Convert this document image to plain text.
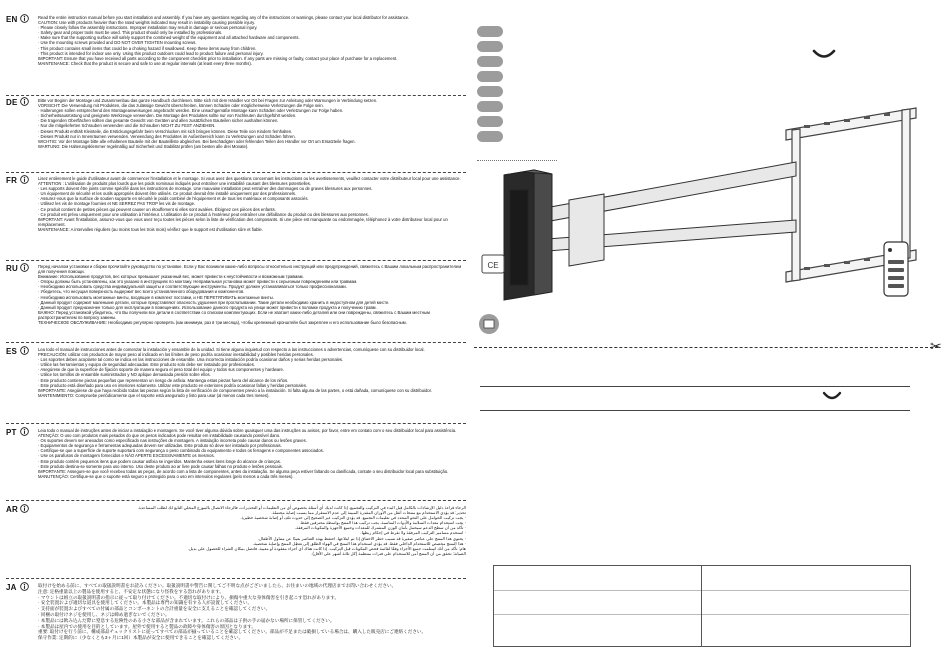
EN	Read the entire instruction manual before you start installation and assembly. If you have any questions regarding any of the instructions or warnings, please contact your local distributor for assistance.
CAUTION: Use with products heavier than the rated weights indicated may result in instability causing possible injury.
· Please closely follow the assembly instructions. Improper installation may result in damage or serious personal injury.
· Safety gear and proper tools must be used. This product should only be installed by professionals.
· Make sure that the supporting surface will safely support the combined weight of the equipment and all attached hardware and components.
· Use the mounting screws provided and DO NOT OVER TIGHTEN mounting screws.
· This product contains small items that could be a choking hazard if swallowed. Keep these items away from children.
· This product is intended for indoor use only. Using this product outdoors could lead to product failure and personal injury.
IMPORTANT: Ensure that you have received all parts according to the component checklist prior to installation. If any parts are missing or faulty, contact your place of purchase for a replacement.
MAINTENANCE: Check that the product is secure and safe to use at regular intervals (at least every three months).
DE	Bitte vor Beginn der Montage und Zusammenbau das ganze Handbuch durchlesen. Bitte sich mit dem Händler vor Ort bei Fragen zur Anleitung oder Warnungen in Verbindung setzen.
VORSICHT: Die Verwendung mit Produkten, die das zulässige Gewicht überschreiten, können Schäden oder möglicherweise Verletzungen die Folge sein.
· Halterungen sollen entsprechend den Montageanweisungen angebracht werden. Eine unsachgemäße Montage kann Schäden oder Verletzungen zur Folge haben.
· Sicherheitsausrüstung und geeignete Werkzeuge verwenden. Die Montage des Produktes sollte nur von Fachleuten durchgeführt werden.
· Die tragenden Oberflächen sollten das gesamte Gewicht von Geräten und allen zusätzlichen Bauteilen sicher aushalten können.
· Nur die mitgelieferten Schrauben verwenden und die Schrauben NICHT ZU FEST ANZIEHEN.
· Dieses Produkt enthält Kleinteile, die Erstickungsgefahr beim Verschlucken mit sich bringen können. Diese Teile von Kindern fernhalten.
· Dieses Produkt nur in Innenräumen verwenden. Verwendung des Produktes im Außenbereich kann zu Verletzungen und Schäden führen.
WICHTIG: Vor der Montage bitte alle erhaltenen Bauteile mit der Bauteilliste abgleichen. Bei beschädigten oder fehlenden Teilen den Händler vor Ort um Ersatzteile fragen.
WARTUNG: Die Halterungsklemmer regelmäßig auf Sicherheit und Stabilität prüfen (am besten alle drei Monate).
FR	Lisez entièrement le guide d'utilisateur avant de commencer l'installation et le montage. Si vous avez des questions concernant les instructions ou les avertissements, veuillez contacter votre distributeur local pour une assistance.
ATTENTION : L'utilisation de produits plus lourds que les poids nominaux indiqués peut entraîner une instabilité causant des blessures potentielles.
· Les supports doivent être joints comme spécifié dans les instructions de montage. Une mauvaise installation peut entraîner des dommages ou de graves blessures aux personnes.
· Un équipement de sécurité et les outils appropriés doivent être utilisés. Ce produit devrait être installé uniquement par des professionnels.
· Assurez-vous que la surface de soutien supporte en sécurité le poids combiné de l'équipement et de tous les matériaux et composants associés.
· Utilisez les vis de montage fournies et NE SERREZ PAS TROP les vis de montage.
· Ce produit contient de petites pièces qui peuvent causer un étouffement si elles sont avalées. Éloignez ces pièces des enfants.
· Ce produit est prévu uniquement pour une utilisation à l'intérieur. L'utilisation de ce produit à l'extérieur peut entraîner une défaillance du produit ou des blessures aux personnes.
IMPORTANT: Avant l'installation, assurez-vous que vous avez reçu toutes les pièces selon la liste de vérification des composants. Si une pièce est manquante ou endommagée, téléphonez à votre distributeur local pour un remplacement.
MAINTENANCE: A intervalles réguliers (au moins tous les trois mois) vérifiez que le support est d'utilisation sûre et fiable.
RU	Перед началом установки и сборки прочитайте руководство по установке. Если у Вас возникли какие-либо вопросы относительно инструкций или предупреждений, свяжитесь с Вашим локальным распространителем для получения помощи.
Внимание: Использование продуктов, вес которых превышает указанный вес, может привести к неустойчивости и возможным травмам.
· Опоры должны быть установлены, как это указано в инструкциях по монтажу. Неправильная установка может привести к серьезным повреждениям или травмам.
· Необходимо использовать средства индивидуальной защиты и соответствующие инструменты. Продукт должен устанавливаться только профессионалами.
· Убедитесь, что несущая поверхность выдержит вес всего установленного оборудования и компонентов.
· Необходимо использовать монтажные винты, входящие в комплект поставки, и НЕ ПЕРЕТЯГИВАТЬ монтажные винты.
· Данный продукт содержит маленькие детали, которые представляют опасность удушения при проглатывании. Такие детали необходимо хранить в недоступном для детей месте.
· Данный продукт предназначен только для эксплуатации в помещениях. Использование данного продукта на улице может привести к поломке продукта и получению травм.
ВАЖНО: Перед установкой убедитесь, что Вы получили все детали в соответствии со списком комплектующих. Если не хватает каких-либо деталей или они повреждены, свяжитесь с Вашим местным распространителем по вопросу замены.
ТЕХНИЧЕСКОЕ ОБСЛУЖИВАНИЕ: Необходимо регулярно проверять (как минимум, раз в три месяца), чтобы крепежный кронштейн был закреплен и его использование было безопасным.
ES	Lea todo el manual de instrucciones antes de comenzar la instalación y ensamble de la unidad. Si tiene alguna inquietud con respecto a las instrucciones o advertencias, comuníquese con su distribuidor local.
PRECAUCIÓN: utilizar con productos de mayor peso al indicado en los límites de peso podría ocasionar inestabilidad y posibles heridas personales.
· Los soportes deben acoplarse tal como se indica en las instrucciones de ensamble. Una incorrecta instalación podría ocasionar daños y serias heridas personales.
· Utilice las herramientas y equipo de seguridad adecuadas. Este producto solo debe ser instalado por profesionales.
· Asegúrese de que la superficie de fijación soporte de manera segura el peso total del equipo y todos sus componentes y hardware.
· Utilice los tornillos de ensamble suministrados y NO aplique demasiada presión sobre ellos.
· Este producto contiene piezas pequeñas que representan un riesgo de asfixia. Mantenga estas piezas fuera del alcance de los niños.
· Este producto está diseñado para uso en interiores solamente. Utilizar este producto en exteriores podría ocasionar fallas y heridas personales.
IMPORTANTE: Asegúrese de que haya recibido todas las piezas según la lista de verificación de componentes previo a la instalación. Si falta alguna de las partes, o está dañada, comuníquese con su distribuidor.
MANTENIMIENTO: Compruebe periódicamente que el soporte está asegurado y listo para usar (al menos cada tres meses).
PT	Leia todo o manual de instruções antes de iniciar a instalação e montagem. Se você tiver alguma dúvida sobre quaisquer uma das instruções ou avisos, por favor, entre em contato com o seu distribuidor local para assistência.
ATENÇÃO: O uso com produtos mais pesados do que os pesos indicados pode resultar em instabilidade causando possível dano.
· Os suportes devem ser anexados como especificado nas instruções de montagem. A instalação incorreta pode causar danos ou lesões graves.
· Equipamentos de segurança e ferramentas adequadas devem ser utilizadas. Este produto só deve ser instalado por profissionais.
· Certifique-se que a superfície de suporte suportará com segurança o peso combinado do equipamento e todos os ferragens e componentes associados.
· Use os parafusos de montagem fornecidos e NÃO APERTE EXCESSIVAMENTE os mesmos.
· Este produto contém pequenos itens que podem causar asfixia se ingeridos. Mantenha esses itens longe do alcance de crianças.
· Este produto destina-se somente para uso interno. Uso deste produto ao ar livre pode causar falhas no produto e lesões pessoais.
IMPORTANTE: Assegure-se que você recebeu todas as peças, de acordo com a lista de componentes, antes da instalação. Se alguma peça estiver faltando ou danificada, contate o seu distribuidor local para substituição.
MANUTENÇÃO: Certifique-se que o suporte está seguro e protegido para o uso em intervalos regulares (pelo menos a cada três meses).
AR	الرجاء قراءة دليل الإرشادات بالكامل قبل البدء في التركيب والتجميع. إذا كانت لديك أي أسئلة بخصوص أي من التعليمات أو التحذيرات، فالرجاء الاتصال بالموزع المحلي التابع لك لطلب المساعدة.
تحذير: قد يؤدي الاستخدام مع منتجات أثقل من الأوزان المقدرة المبينة إلى عدم الاستقرار مما يسبب إصابة محتملة.
· يجب تركيب الحوامل على النحو المحدد في تعليمات التجميع. قد يؤدي التركيب غير الصحيح إلى حدوث تلف أو إصابة شخصية خطيرة.
· يجب استخدام معدات السلامة والأدوات المناسبة. يجب تركيب هذا المنتج بواسطة محترفين فقط.
· تأكد من أن سطح الدعم سيحمل بأمان الوزن المشترك للمعدات وجميع الأجهزة والمكونات المرفقة.
· استخدم مسامير التركيب المرفقة ولا تفرط في إحكام ربطها.
· يحتوي هذا المنتج على عناصر صغيرة قد تسبب خطر الاختناق إذا تم ابتلاعها. احتفظ بهذه العناصر بعيدًا عن متناول الأطفال.
· هذا المنتج مخصص للاستخدام الداخلي فقط. قد يؤدي استخدام هذا المنتج في الهواء الطلق إلى تعطل المنتج وإصابة شخصية.
هام: تأكد من أنك استلمت جميع الأجزاء وفقًا لقائمة فحص المكونات قبل التركيب. إذا كانت هناك أي أجزاء مفقودة أو معيبة، فاتصل بمكان الشراء للحصول على بديل.
الصيانة: تحقق من أن المنتج آمن للاستخدام على فترات منتظمة (كل ثلاثة أشهر على الأقل).
JA	取付けを始める前に、すべての取扱説明書をお読みください。取扱説明書や警告に関してご不明な点がございましたら、お住まいの地域の代理店までお問い合わせください。
注意: 定格重量以上の製品を使用すると、不安定な状態になり怪我をする恐れがあります。
· マウントは組立の取扱説明書の指示に従って取り付けてください。不適切な取付けにより、損傷や重大な身体傷害を引き起こす恐れがあります。
· 安全装置および適切な道具を使用してください。本製品は専門の知識を有する人が設置してください。
· 支持面が装置およびすべての付属の部品とコンポーネントの合計重量を安全に支えることを確認してください。
· 同梱の取付けネジを使用し、ネジは締め過ぎないでください。
· 本製品には飲み込んだ際に窒息する危険性のある小さな部品が含まれています。これらの部品は子供の手の届かない場所に保管してください。
· 本製品は屋内での使用を目的としています。屋外で使用すると製品の故障や身体傷害の原因となります。
重要: 取付けを行う前に、構成部品チェックリストに従ってすべての部品が揃っていることを確認してください。部品が不足または破損している場合は、購入した販売店にご連絡ください。
保守作業: 定期的に（少なくとも3ヶ月に1回）本製品が安全に使用できることを確認してください。
CE
✂
